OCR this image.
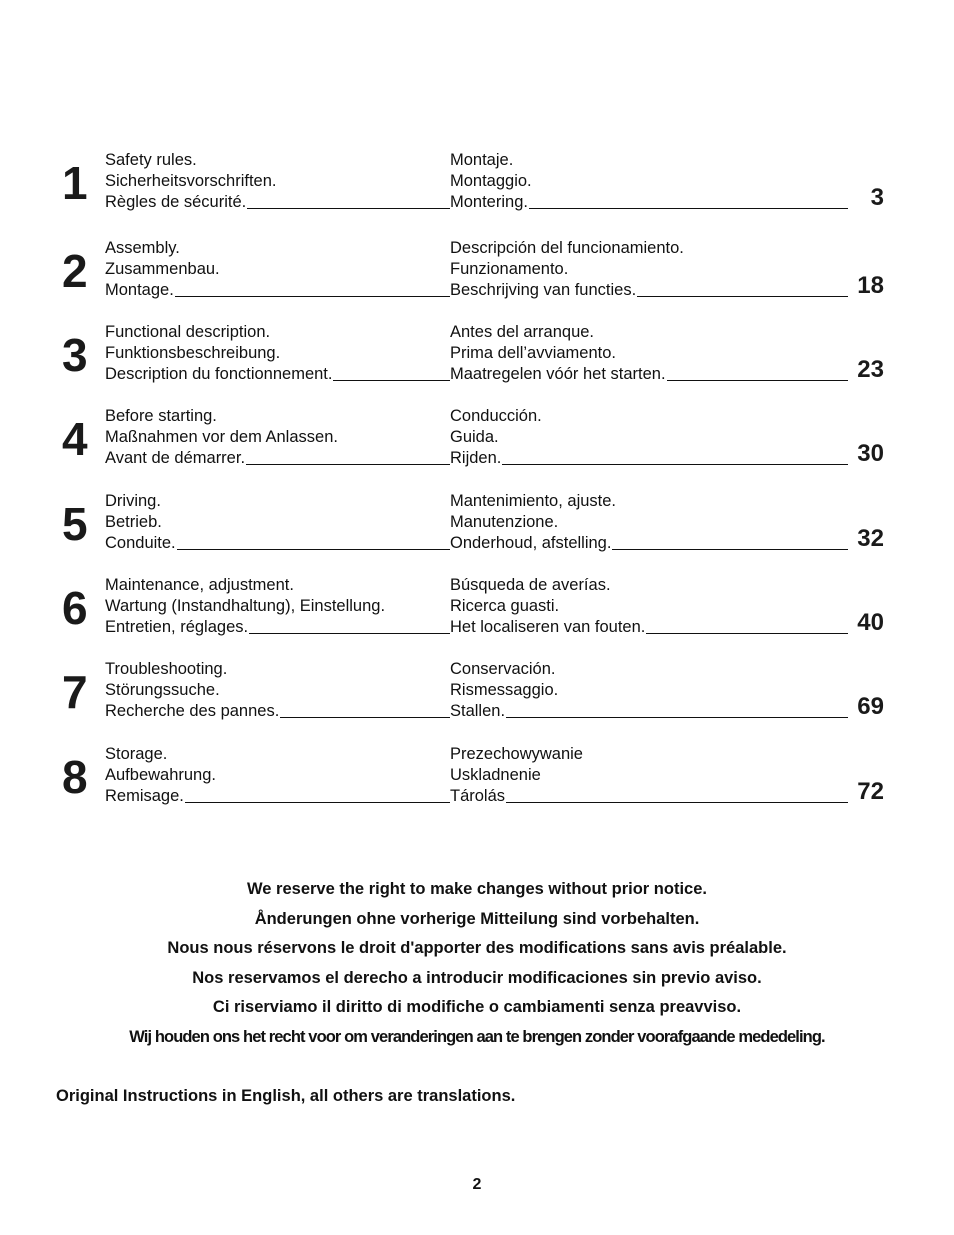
1	Safety rules.
Sicherheitsvorschriften.
Règles de sécurité.
Montaje.
Montaggio.
Montering.	3
2	Assembly.
Zusammenbau.
Montage.
Descripción del funcionamiento.
Funzionamento.
Beschrijving van functies.	18
3	Functional description.
Funktionsbeschreibung.
Description du fonctionnement.
Antes del arranque.
Prima dell’avviamento.
Maatregelen vóór het starten.	23
4	Before starting.
Maßnahmen vor dem Anlassen.
Avant de démarrer.
Conducción.
Guida.
Rijden.	30
5	Driving.
Betrieb.
Conduite.
Mantenimiento, ajuste.
Manutenzione.
Onderhoud, afstelling.	32
6	Maintenance, adjustment.
Wartung (Instandhaltung), Einstellung.
Entretien, réglages.
Búsqueda de averías.
Ricerca guasti.
Het localiseren van fouten.	40
7	Troubleshooting.
Störungssuche.
Recherche des pannes.
Conservación.
Rismessaggio.
Stallen.	69
8	Storage.
Aufbewahrung.
Remisage.
Prezechowywanie
Uskladnenie
Tárolás	72
We reserve the right to make changes without prior notice.
Ånderungen ohne vorherige Mitteilung sind vorbehalten.
Nous nous réservons le droit d'apporter des modifications sans avis préalable.
Nos reservamos el derecho a introducir modificaciones sin previo aviso.
Ci riserviamo il diritto di modifiche o cambiamenti senza preavviso.
Wij houden ons het recht voor om veranderingen aan te brengen zonder voorafgaande mededeling.
Original Instructions in English, all others are translations.
2
